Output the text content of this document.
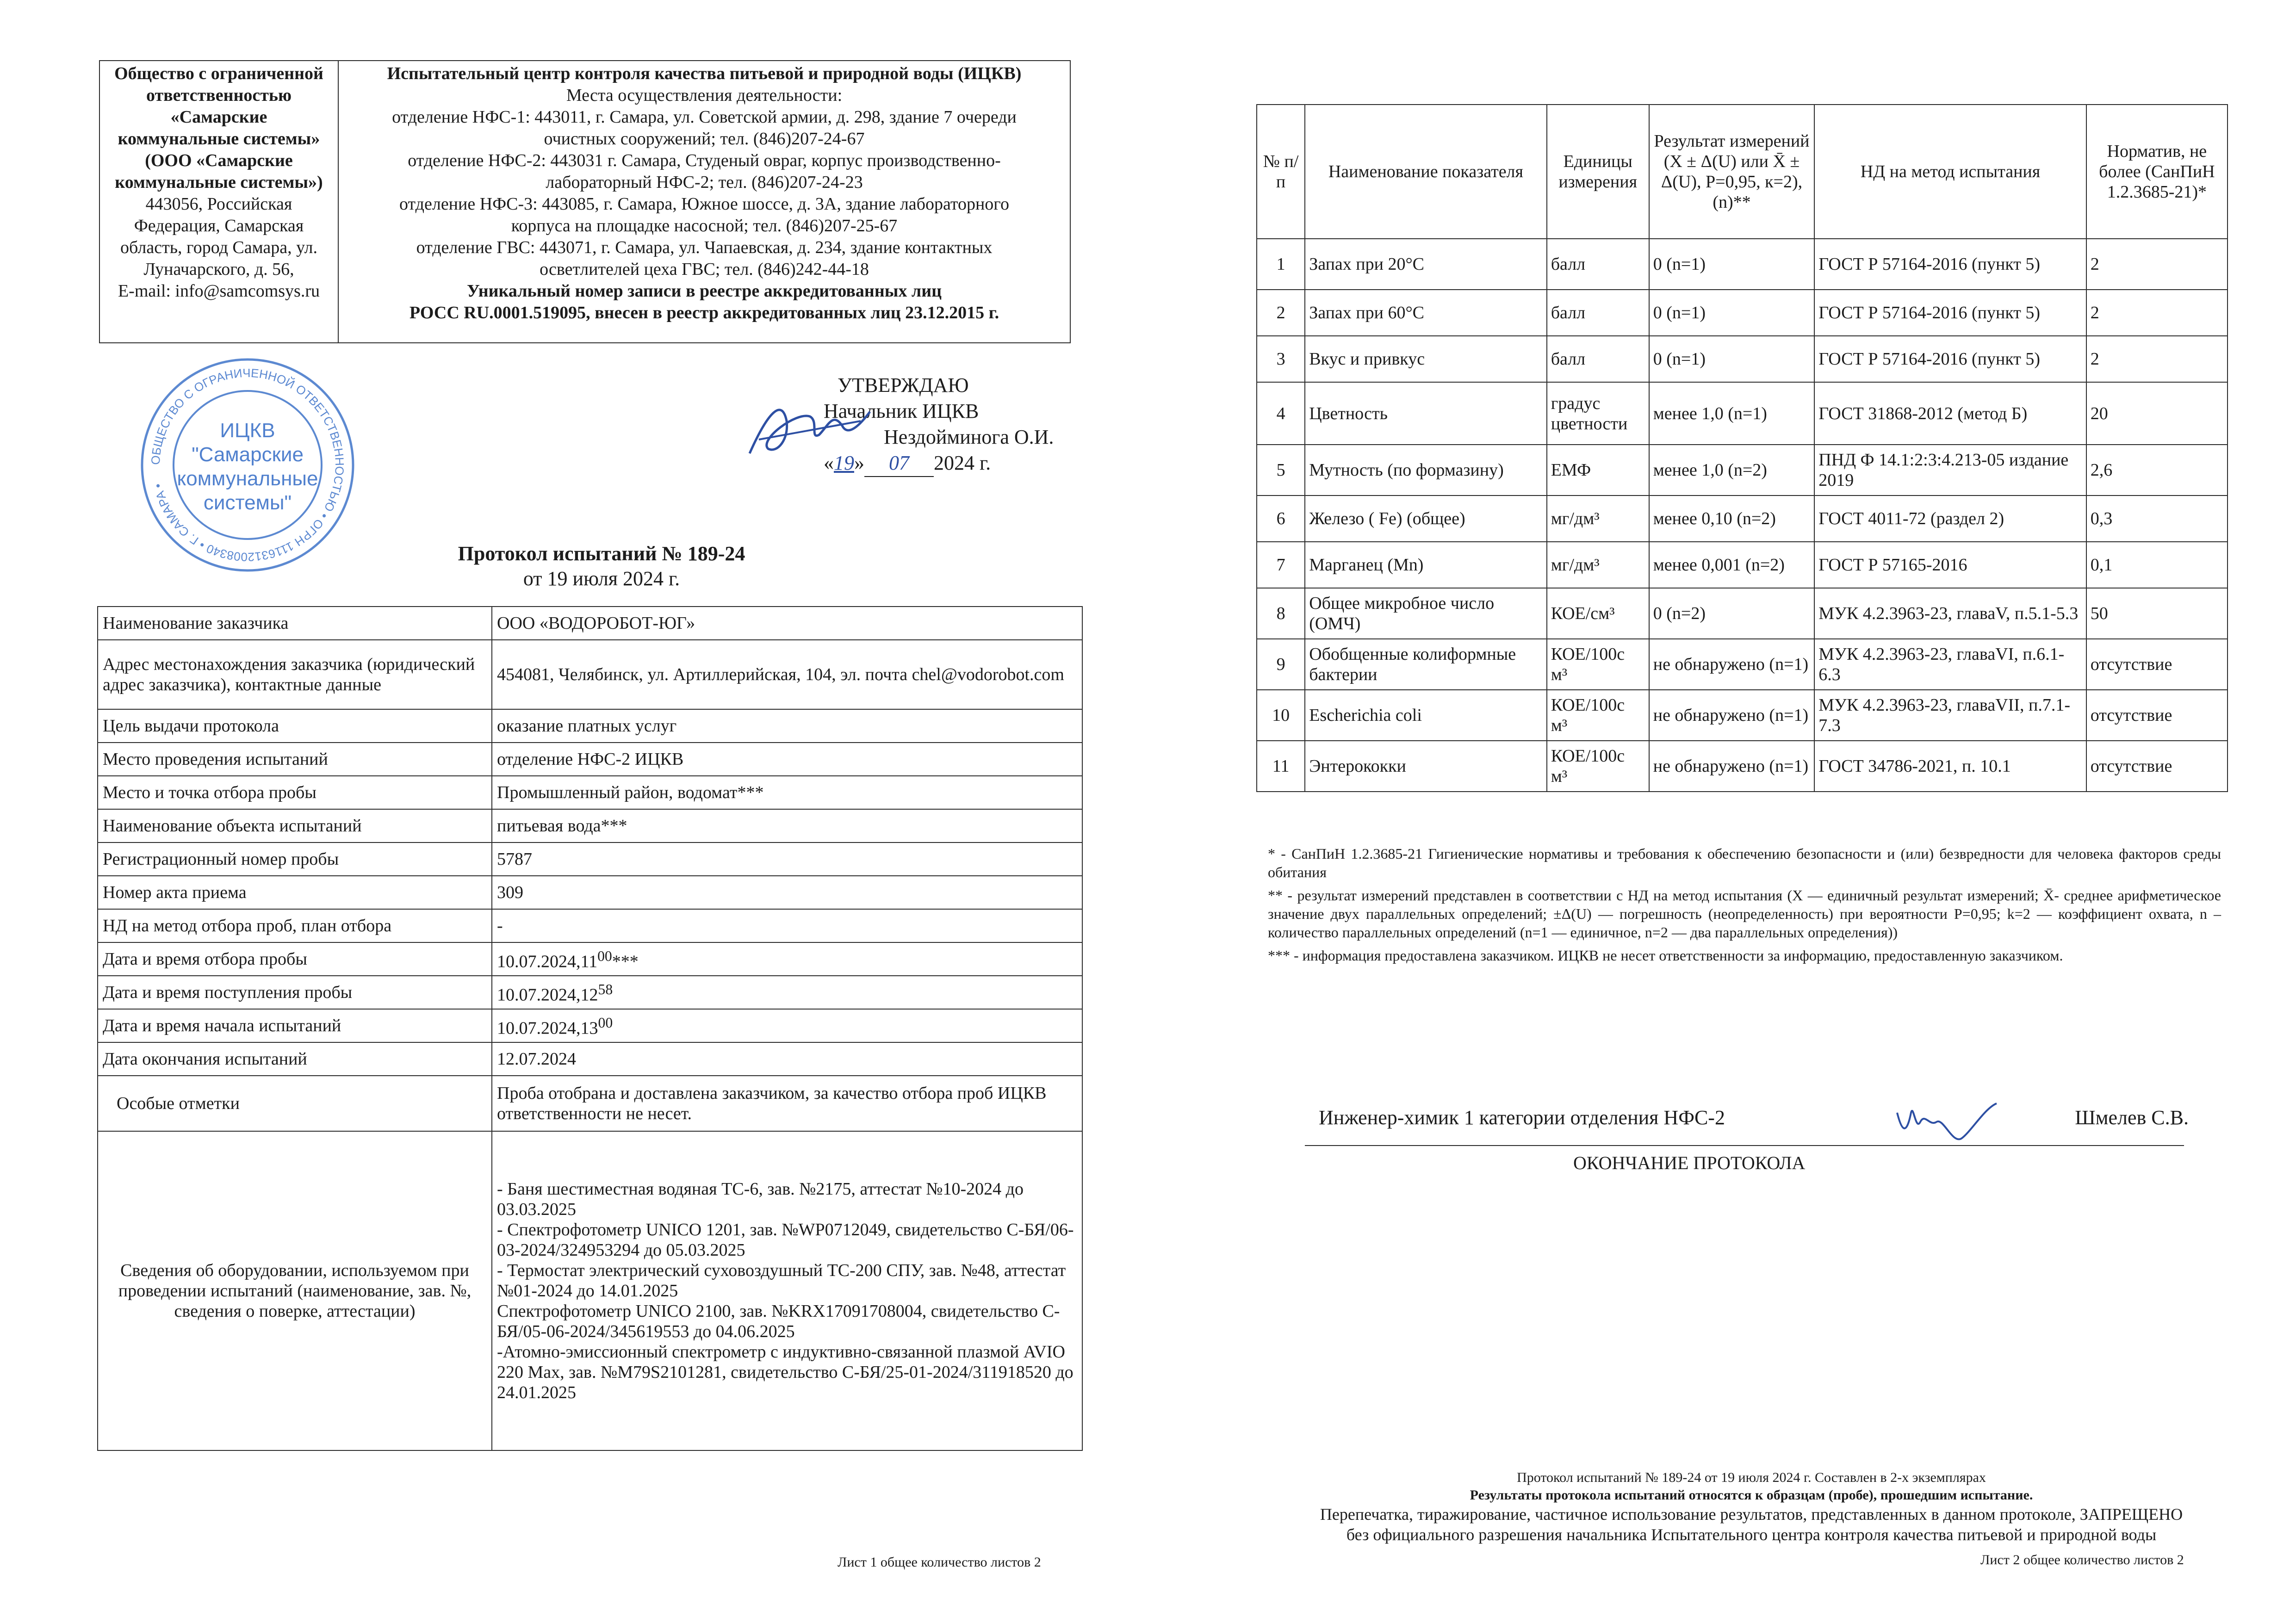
Общество с ограниченной
ответственностью
«Самарские
коммунальные системы»
(ООО «Самарские
коммунальные системы»)
443056, Российская
Федерация, Самарская
область, город Самара, ул.
Луначарского, д. 56,
E-mail: info@samcomsys.ru

Испытательный центр контроля качества питьевой и природной воды (ИЦКВ)
Места осуществления деятельности:
отделение НФС-1: 443011, г. Самара, ул. Советской армии, д. 298, здание 7 очереди
очистных сооружений; тел. (846)207-24-67
отделение НФС-2: 443031 г. Самара, Студеный овраг, корпус производственно-
лабораторный НФС-2; тел. (846)207-24-23
отделение НФС-3: 443085, г. Самара, Южное шоссе, д. 3А, здание лабораторного
корпуса на площадке насосной; тел. (846)207-25-67
отделение ГВС: 443071, г. Самара, ул. Чапаевская, д. 234, здание контактных
осветлителей цеха ГВС; тел. (846)242-44-18
Уникальный номер записи в реестре аккредитованных лиц
РОСС RU.0001.519095, внесен в реестр аккредитованных лиц 23.12.2015 г.
ОБЩЕСТВО С ОГРАНИЧЕННОЙ ОТВЕТСТВЕННОСТЬЮ • ОГРН 1116312008340 • Г. САМАРА •
ИЦКВ
"Самарские
коммунальные
системы"
УТВЕРЖДАЮ
Начальник ИЦКВ
Нездойминога О.И.
«19» 07 2024 г.
Протокол испытаний № 189-24
от 19 июля 2024 г.
Наименование заказчика	ООО «ВОДОРОБОТ-ЮГ»
Адрес местонахождения заказчика (юридический адрес заказчика), контактные данные	454081, Челябинск, ул. Артиллерийская, 104, эл. почта chel@vodorobot.com
Цель выдачи протокола	оказание платных услуг
Место проведения испытаний	отделение НФС-2 ИЦКВ
Место и точка отбора пробы	Промышленный район, водомат***
Наименование объекта испытаний	питьевая вода***
Регистрационный номер пробы	5787
Номер акта приема	309
НД на метод отбора проб, план отбора	-
Дата и время отбора пробы	10.07.2024,11$^{00}$***
Дата и время поступления пробы	10.07.2024,12$^{58}$
Дата и время начала испытаний	10.07.2024,13$^{00}$
Дата окончания испытаний	12.07.2024
Особые отметки	Проба отобрана и доставлена заказчиком, за качество отбора проб ИЦКВ ответственности не несет.
Сведения об оборудовании, используемом при проведении испытаний (наименование, зав. №, сведения о поверке, аттестации)	- Баня шестиместная водяная ТС-6, зав. №2175, аттестат №10-2024 до 03.03.2025
- Спектрофотометр UNICO 1201, зав. №WP0712049, свидетельство С-БЯ/06-03-2024/324953294 до 05.03.2025
- Термостат электрический суховоздушный ТС-200 СПУ, зав. №48, аттестат №01-2024 до 14.01.2025
Спектрофотометр UNICO 2100, зав. №KRX17091708004, свидетельство С-БЯ/05-06-2024/345619553 до 04.06.2025
-Атомно-эмиссионный спектрометр с индуктивно-связанной плазмой AVIO 220 Max, зав. №M79S2101281, свидетельство С-БЯ/25-01-2024/311918520 до 24.01.2025
Лист 1 общее количество листов 2
№ п/п	Наименование показателя	Единицы измерения	Результат измерений (X ± Δ(U) или X̄ ± Δ(U), P=0,95, к=2), (n)**	НД на метод испытания	Норматив, не более (СанПиН 1.2.3685-21)*
1	Запах при 20°С	балл	0 (n=1)	ГОСТ Р 57164-2016 (пункт 5)	2
2	Запах при 60°С	балл	0 (n=1)	ГОСТ Р 57164-2016 (пункт 5)	2
3	Вкус и привкус	балл	0 (n=1)	ГОСТ Р 57164-2016 (пункт 5)	2
4	Цветность	градус цветности	менее 1,0 (n=1)	ГОСТ 31868-2012 (метод Б)	20
5	Мутность (по формазину)	ЕМФ	менее 1,0 (n=2)	ПНД Ф 14.1:2:3:4.213-05 издание 2019	2,6
6	Железо ( Fe) (общее)	мг/дм³	менее 0,10 (n=2)	ГОСТ 4011-72 (раздел 2)	0,3
7	Марганец (Mn)	мг/дм³	менее 0,001 (n=2)	ГОСТ Р 57165-2016	0,1
8	Общее микробное число (ОМЧ)	КОЕ/см³	0 (n=2)	МУК 4.2.3963-23, главаV, п.5.1-5.3	50
9	Обобщенные колиформные бактерии	КОЕ/100с м³	не обнаружено (n=1)	МУК 4.2.3963-23, главаVI, п.6.1- 6.3	отсутствие
10	Escherichia coli	КОЕ/100с м³	не обнаружено (n=1)	МУК 4.2.3963-23, главаVII, п.7.1- 7.3	отсутствие
11	Энтерококки	КОЕ/100с м³	не обнаружено (n=1)	ГОСТ 34786-2021, п. 10.1	отсутствие

* - СанПиН 1.2.3685-21 Гигиенические нормативы и требования к обеспечению безопасности и (или) безвредности для человека факторов среды обитания

** - результат измерений представлен в соответствии с НД на метод испытания (X — единичный результат измерений; X̄- среднее арифметическое значение двух параллельных определений; ±Δ(U) — погрешность (неопределенность) при вероятности Р=0,95; k=2 — коэффициент охвата, n – количество параллельных определений (n=1 — единичное, n=2 — два параллельных определения))

*** - информация предоставлена заказчиком. ИЦКВ не несет ответственности за информацию, предоставленную заказчиком.

Инженер-химик 1 категории отделения НФС-2	Шмелев С.В.
ОКОНЧАНИЕ ПРОТОКОЛА
Протокол испытаний № 189-24 от 19 июля 2024 г. Составлен в 2-х экземплярах
Результаты протокола испытаний относятся к образцам (пробе), прошедшим испытание.
Перепечатка, тиражирование, частичное использование результатов, представленных в данном протоколе, ЗАПРЕЩЕНО
без официального разрешения начальника Испытательного центра контроля качества питьевой и природной воды
Лист 2 общее количество листов 2
